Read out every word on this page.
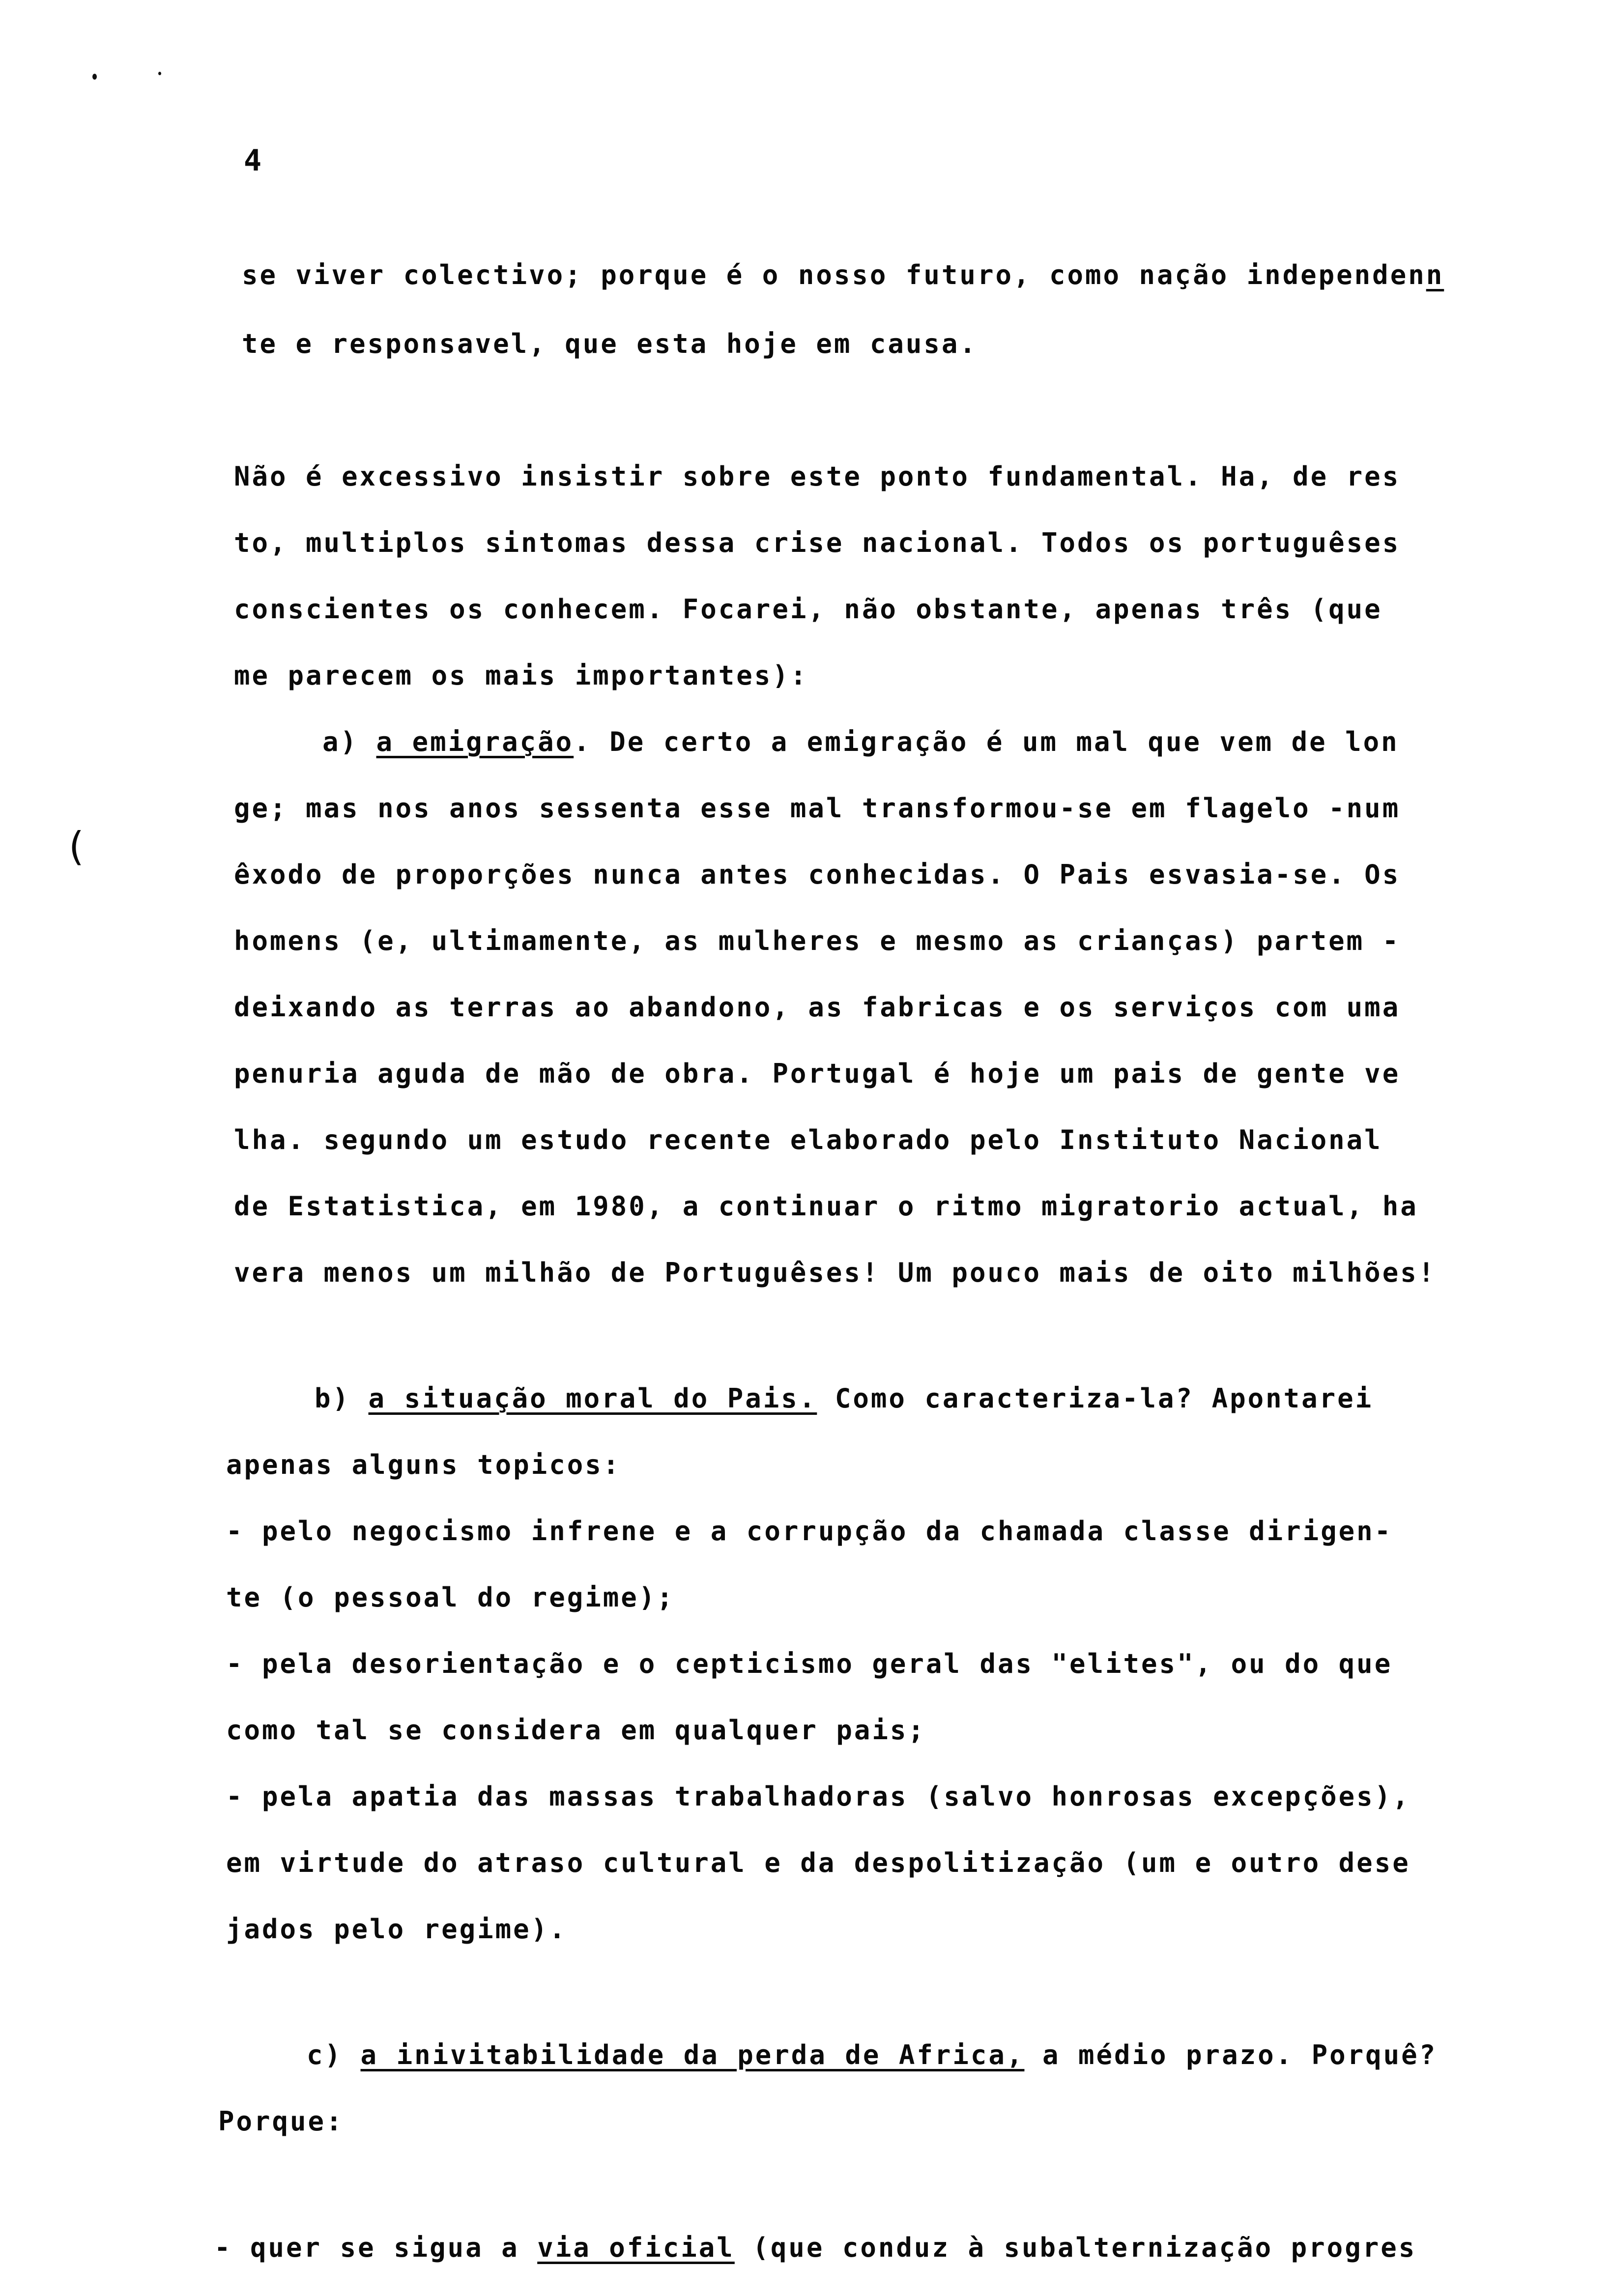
4
(
se viver colectivo; porque é o nosso futuro, como nação independenn
te e responsavel, que esta hoje em causa.
Não é excessivo insistir sobre este ponto fundamental. Ha, de res
to, multiplos sintomas dessa crise nacional. Todos os portuguêses
conscientes os conhecem. Focarei, não obstante, apenas três (que
me parecem os mais importantes):
a) a emigração. De certo a emigração é um mal que vem de lon
ge; mas nos anos sessenta esse mal transformou-se em flagelo -num
êxodo de proporções nunca antes conhecidas. O Pais esvasia-se. Os
homens (e, ultimamente, as mulheres e mesmo as crianças) partem -
deixando as terras ao abandono, as fabricas e os serviços com uma
penuria aguda de mão de obra. Portugal é hoje um pais de gente ve
lha. segundo um estudo recente elaborado pelo Instituto Nacional
de Estatistica, em 1980, a continuar o ritmo migratorio actual, ha
vera menos um milhão de Portuguêses! Um pouco mais de oito milhões!
b) a situação moral do Pais. Como caracteriza-la? Apontarei
apenas alguns topicos:
- pelo negocismo infrene e a corrupção da chamada classe dirigen-
te (o pessoal do regime);
- pela desorientação e o cepticismo geral das "elites", ou do que
como tal se considera em qualquer pais;
- pela apatia das massas trabalhadoras (salvo honrosas excepções),
em virtude do atraso cultural e da despolitização (um e outro dese
jados pelo regime).
c) a inivitabilidade da perda de Africa, a médio prazo. Porquê?
Porque:
- quer se sigua a via oficial (que conduz à subalternização progres
